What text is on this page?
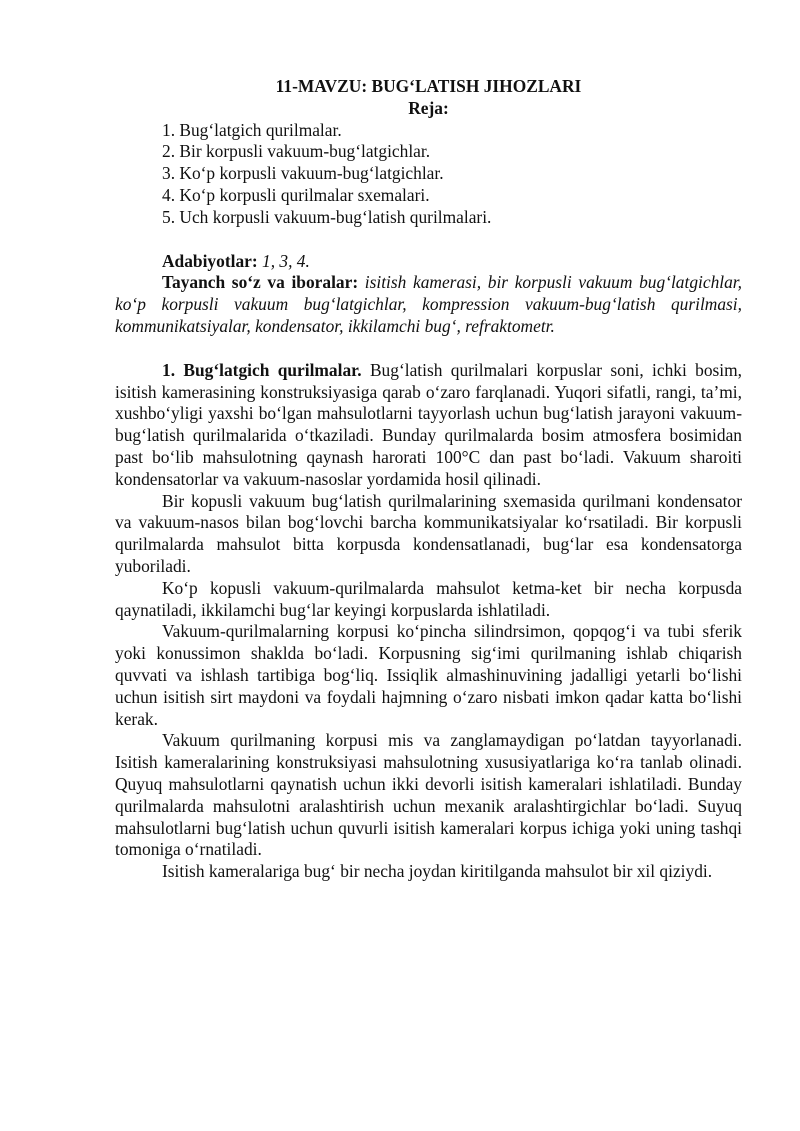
11-MAVZU: BUG‘LATISH JIHOZLARI

Reja:

1. Bug‘latgich qurilmalar.
2. Bir korpusli vakuum-bug‘latgichlar.
3. Ko‘p korpusli vakuum-bug‘latgichlar.
4. Ko‘p korpusli qurilmalar sxemalari.
5. Uch korpusli vakuum-bug‘latish qurilmalari.
Adabiyotlar: 1, 3, 4.

Tayanch so‘z va iboralar: isitish kamerasi, bir korpusli vakuum bug‘latgichlar, ko‘p korpusli vakuum bug‘latgichlar, kompression vakuum-bug‘latish qurilmasi, kommunikatsiyalar, kondensator, ikkilamchi bug‘, refraktometr.

1. Bug‘latgich qurilmalar. Bug‘latish qurilmalari korpuslar soni, ichki bosim, isitish kamerasining konstruksiyasiga qarab o‘zaro farqlanadi. Yuqori sifatli, rangi, ta’mi, xushbo‘yligi yaxshi bo‘lgan mahsulotlarni tayyorlash uchun bug‘latish jarayoni vakuum-bug‘latish qurilmalarida o‘tkaziladi. Bunday qurilmalarda bosim atmosfera bosimidan past bo‘lib mahsulotning qaynash harorati 100°C dan past bo‘ladi. Vakuum sharoiti kondensatorlar va vakuum-nasoslar yordamida hosil qilinadi.

Bir kopusli vakuum bug‘latish qurilmalarining sxemasida qurilmani kondensator va vakuum-nasos bilan bog‘lovchi barcha kommunikatsiyalar ko‘rsatiladi. Bir korpusli qurilmalarda mahsulot bitta korpusda kondensatlanadi, bug‘lar esa kondensatorga yuboriladi.

Ko‘p kopusli vakuum-qurilmalarda mahsulot ketma-ket bir necha korpusda qaynatiladi, ikkilamchi bug‘lar keyingi korpuslarda ishlatiladi.

Vakuum-qurilmalarning korpusi ko‘pincha silindrsimon, qopqog‘i va tubi sferik yoki konussimon shaklda bo‘ladi. Korpusning sig‘imi qurilmaning ishlab chiqarish quvvati va ishlash tartibiga bog‘liq. Issiqlik almashinuvining jadalligi yetarli bo‘lishi uchun isitish sirt maydoni va foydali hajmning o‘zaro nisbati imkon qadar katta bo‘lishi kerak.

Vakuum qurilmaning korpusi mis va zanglamaydigan po‘latdan tayyorlanadi. Isitish kameralarining konstruksiyasi mahsulotning xususiyatlariga ko‘ra tanlab olinadi. Quyuq mahsulotlarni qaynatish uchun ikki devorli isitish kameralari ishlatiladi. Bunday qurilmalarda mahsulotni aralashtirish uchun mexanik aralashtirgichlar bo‘ladi. Suyuq mahsulotlarni bug‘latish uchun quvurli isitish kameralari korpus ichiga yoki uning tashqi tomoniga o‘rnatiladi.

Isitish kameralariga bug‘ bir necha joydan kiritilganda mahsulot bir xil qiziydi.
